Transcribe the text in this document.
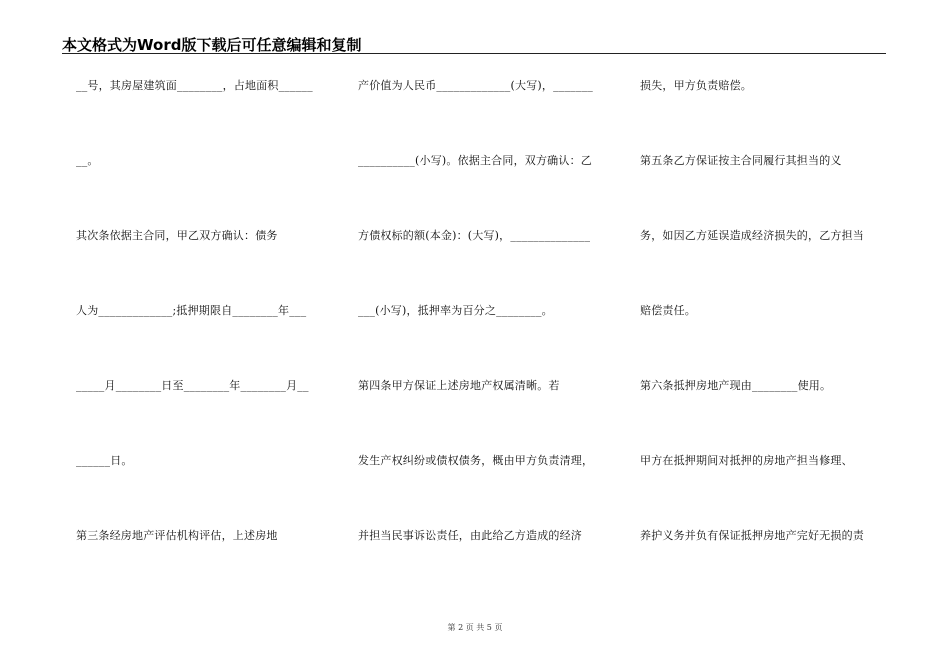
本文格式为Word版下载后可任意编辑和复制
__号，其房屋建筑面________，占地面积______
__。
其次条依据主合同，甲乙双方确认：债务
人为_____________;抵押期限自________年___
_____月________日至________年________月__
______日。
第三条经房地产评估机构评估，上述房地
产价值为人民币_____________(大写)，_______
__________(小写)。依据主合同，双方确认：乙
方债权标的额(本金)：(大写)，______________
___(小写)，抵押率为百分之________。
第四条甲方保证上述房地产权属清晰。若
发生产权纠纷或债权债务，概由甲方负责清理，
并担当民事诉讼责任，由此给乙方造成的经济
损失，甲方负责赔偿。
第五条乙方保证按主合同履行其担当的义
务，如因乙方延误造成经济损失的，乙方担当
赔偿责任。
第六条抵押房地产现由________使用。
甲方在抵押期间对抵押的房地产担当修理、
养护义务并负有保证抵押房地产完好无损的责
第 2 页 共 5 页
